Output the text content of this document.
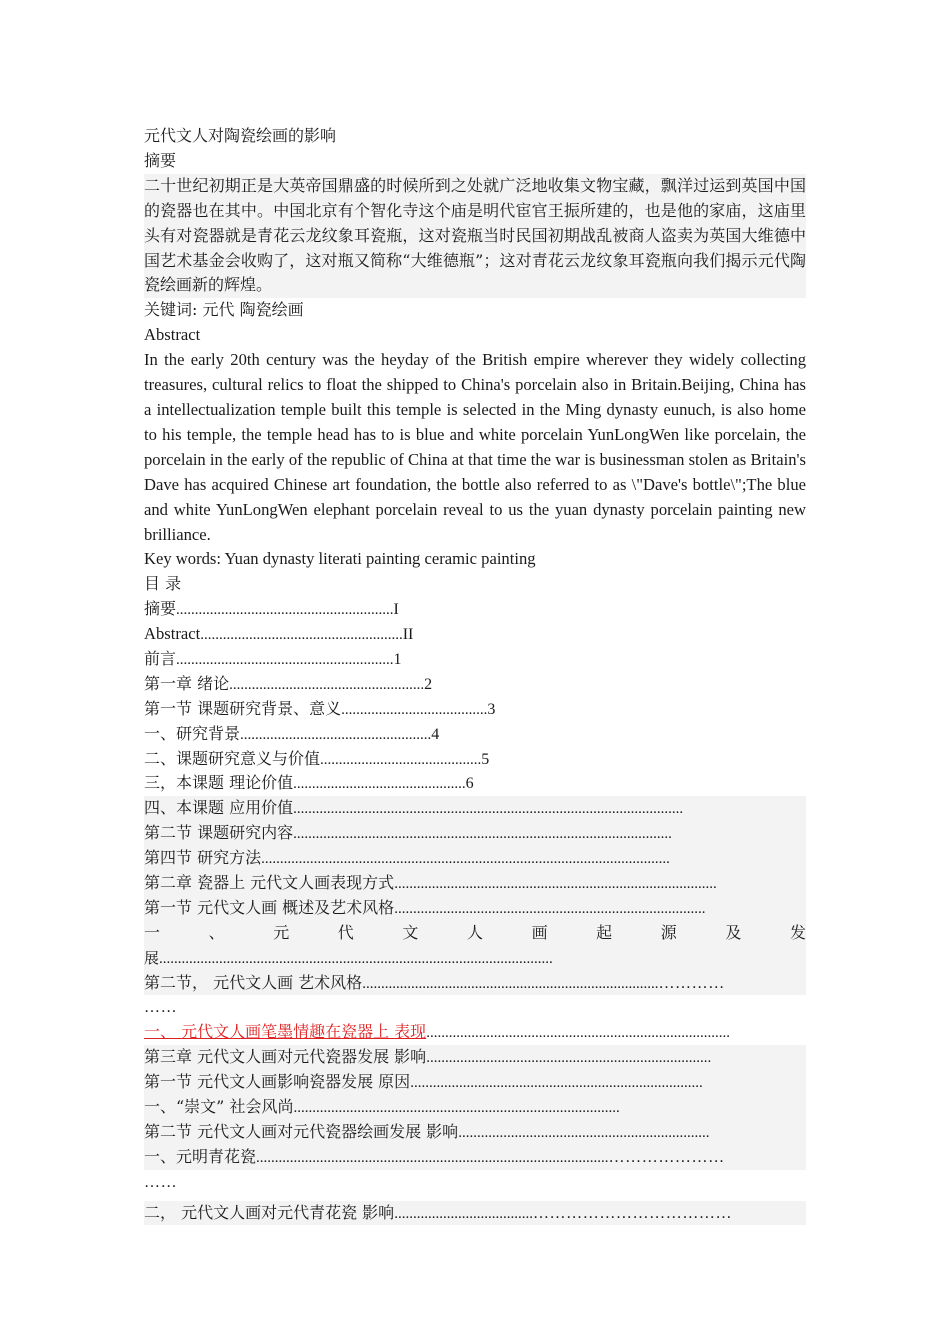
元代文人对陶瓷绘画的影响
摘要
二十世纪初期正是大英帝国鼎盛的时候所到之处就广泛地收集文物宝藏，飘洋过运到英国中国的瓷器也在其中。中国北京有个智化寺这个庙是明代宦官王振所建的，也是他的家庙，这庙里头有对瓷器就是青花云龙纹象耳瓷瓶，这对瓷瓶当时民国初期战乱被商人盗卖为英国大维德中国艺术基金会收购了，这对瓶又简称“大维德瓶”；这对青花云龙纹象耳瓷瓶向我们揭示元代陶瓷绘画新的辉煌。
关键词: 元代 陶瓷绘画
Abstract
In the early 20th century was the heyday of the British empire wherever they widely collecting treasures, cultural relics to float the shipped to China's porcelain also in Britain.Beijing, China has a intellectualization temple built this temple is selected in the Ming dynasty eunuch, is also home to his temple, the temple head has to is blue and white porcelain YunLongWen like porcelain, the porcelain in the early of the republic of China at that time the war is businessman stolen as Britain's Dave has acquired Chinese art foundation, the bottle also referred to as \"Dave's bottle\";The blue and white YunLongWen elephant porcelain reveal to us the yuan dynasty porcelain painting new brilliance.
Key words: Yuan dynasty literati painting ceramic painting
目 录
摘要..........................................................I
Abstract......................................................II
前言..........................................................1
第一章 绪论....................................................2
第一节 课题研究背景、意义.......................................3
一、研究背景...................................................4
二、课题研究意义与价值...........................................5
三，本课题 理论价值..............................................6
四、本课题 应用价值........................................................................................................
第二节 课题研究内容.....................................................................................................
第四节 研究方法.............................................................................................................
第二章 瓷器上 元代文人画表现方式......................................................................................
第一节 元代文人画 概述及艺术风格...................................................................................
一	、	元	代	文	人	画	起	源	及	发
展.........................................................................................................
第二节， 元代文人画 艺术风格...............................................................................…………
……
一、 元代文人画笔墨情趣在瓷器上 表现.................................................................................
第三章 元代文人画对元代瓷器发展 影响............................................................................
第一节 元代文人画影响瓷器发展 原因..............................................................................
一、“崇文” 社会风尚.......................................................................................
第二节 元代文人画对元代瓷器绘画发展 影响...................................................................
一、元明青花瓷..............................................................................................…………………
……
二， 元代文人画对元代青花瓷 影响.....................................………………………………
